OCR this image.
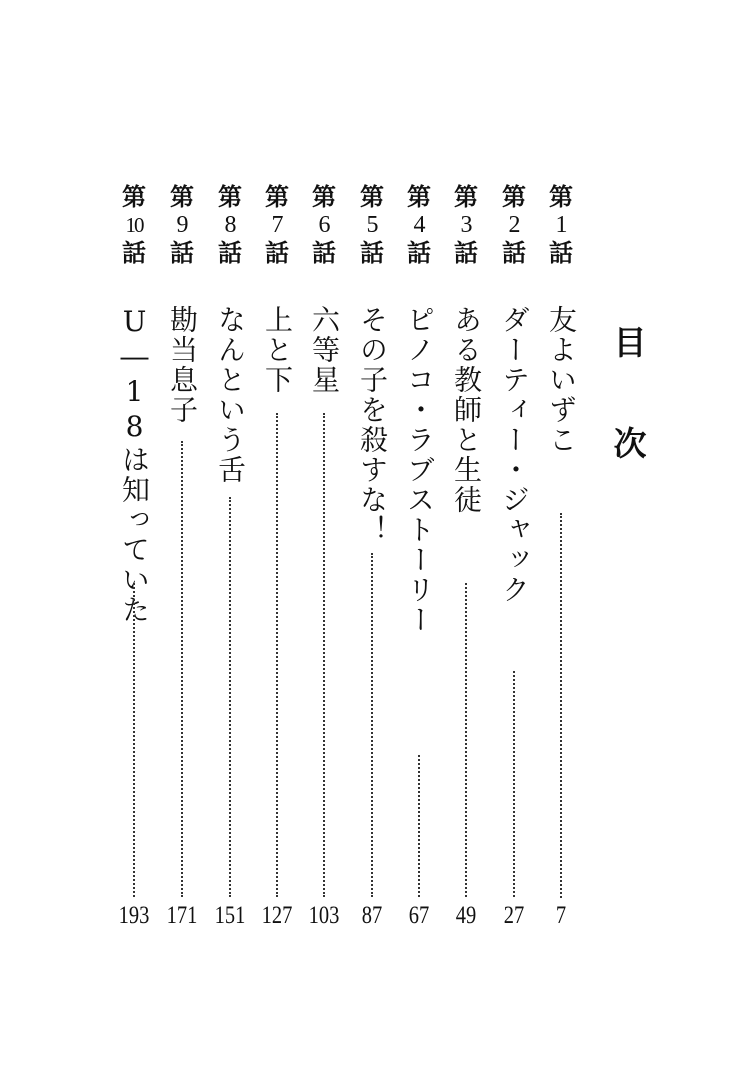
目
次
第
1
話
友よいずこ
7
第
2
話
ダーティー・ジャック
27
第
3
話
ある教師と生徒
49
第
4
話
ピノコ・ラブストーリー
67
第
5
話
その子を殺すな！
87
第
6
話
六等星
103
第
7
話
上と下
127
第
8
話
なんという舌
151
第
9
話
勘当息子
171
第
10
話
U―18は知っていた
193
